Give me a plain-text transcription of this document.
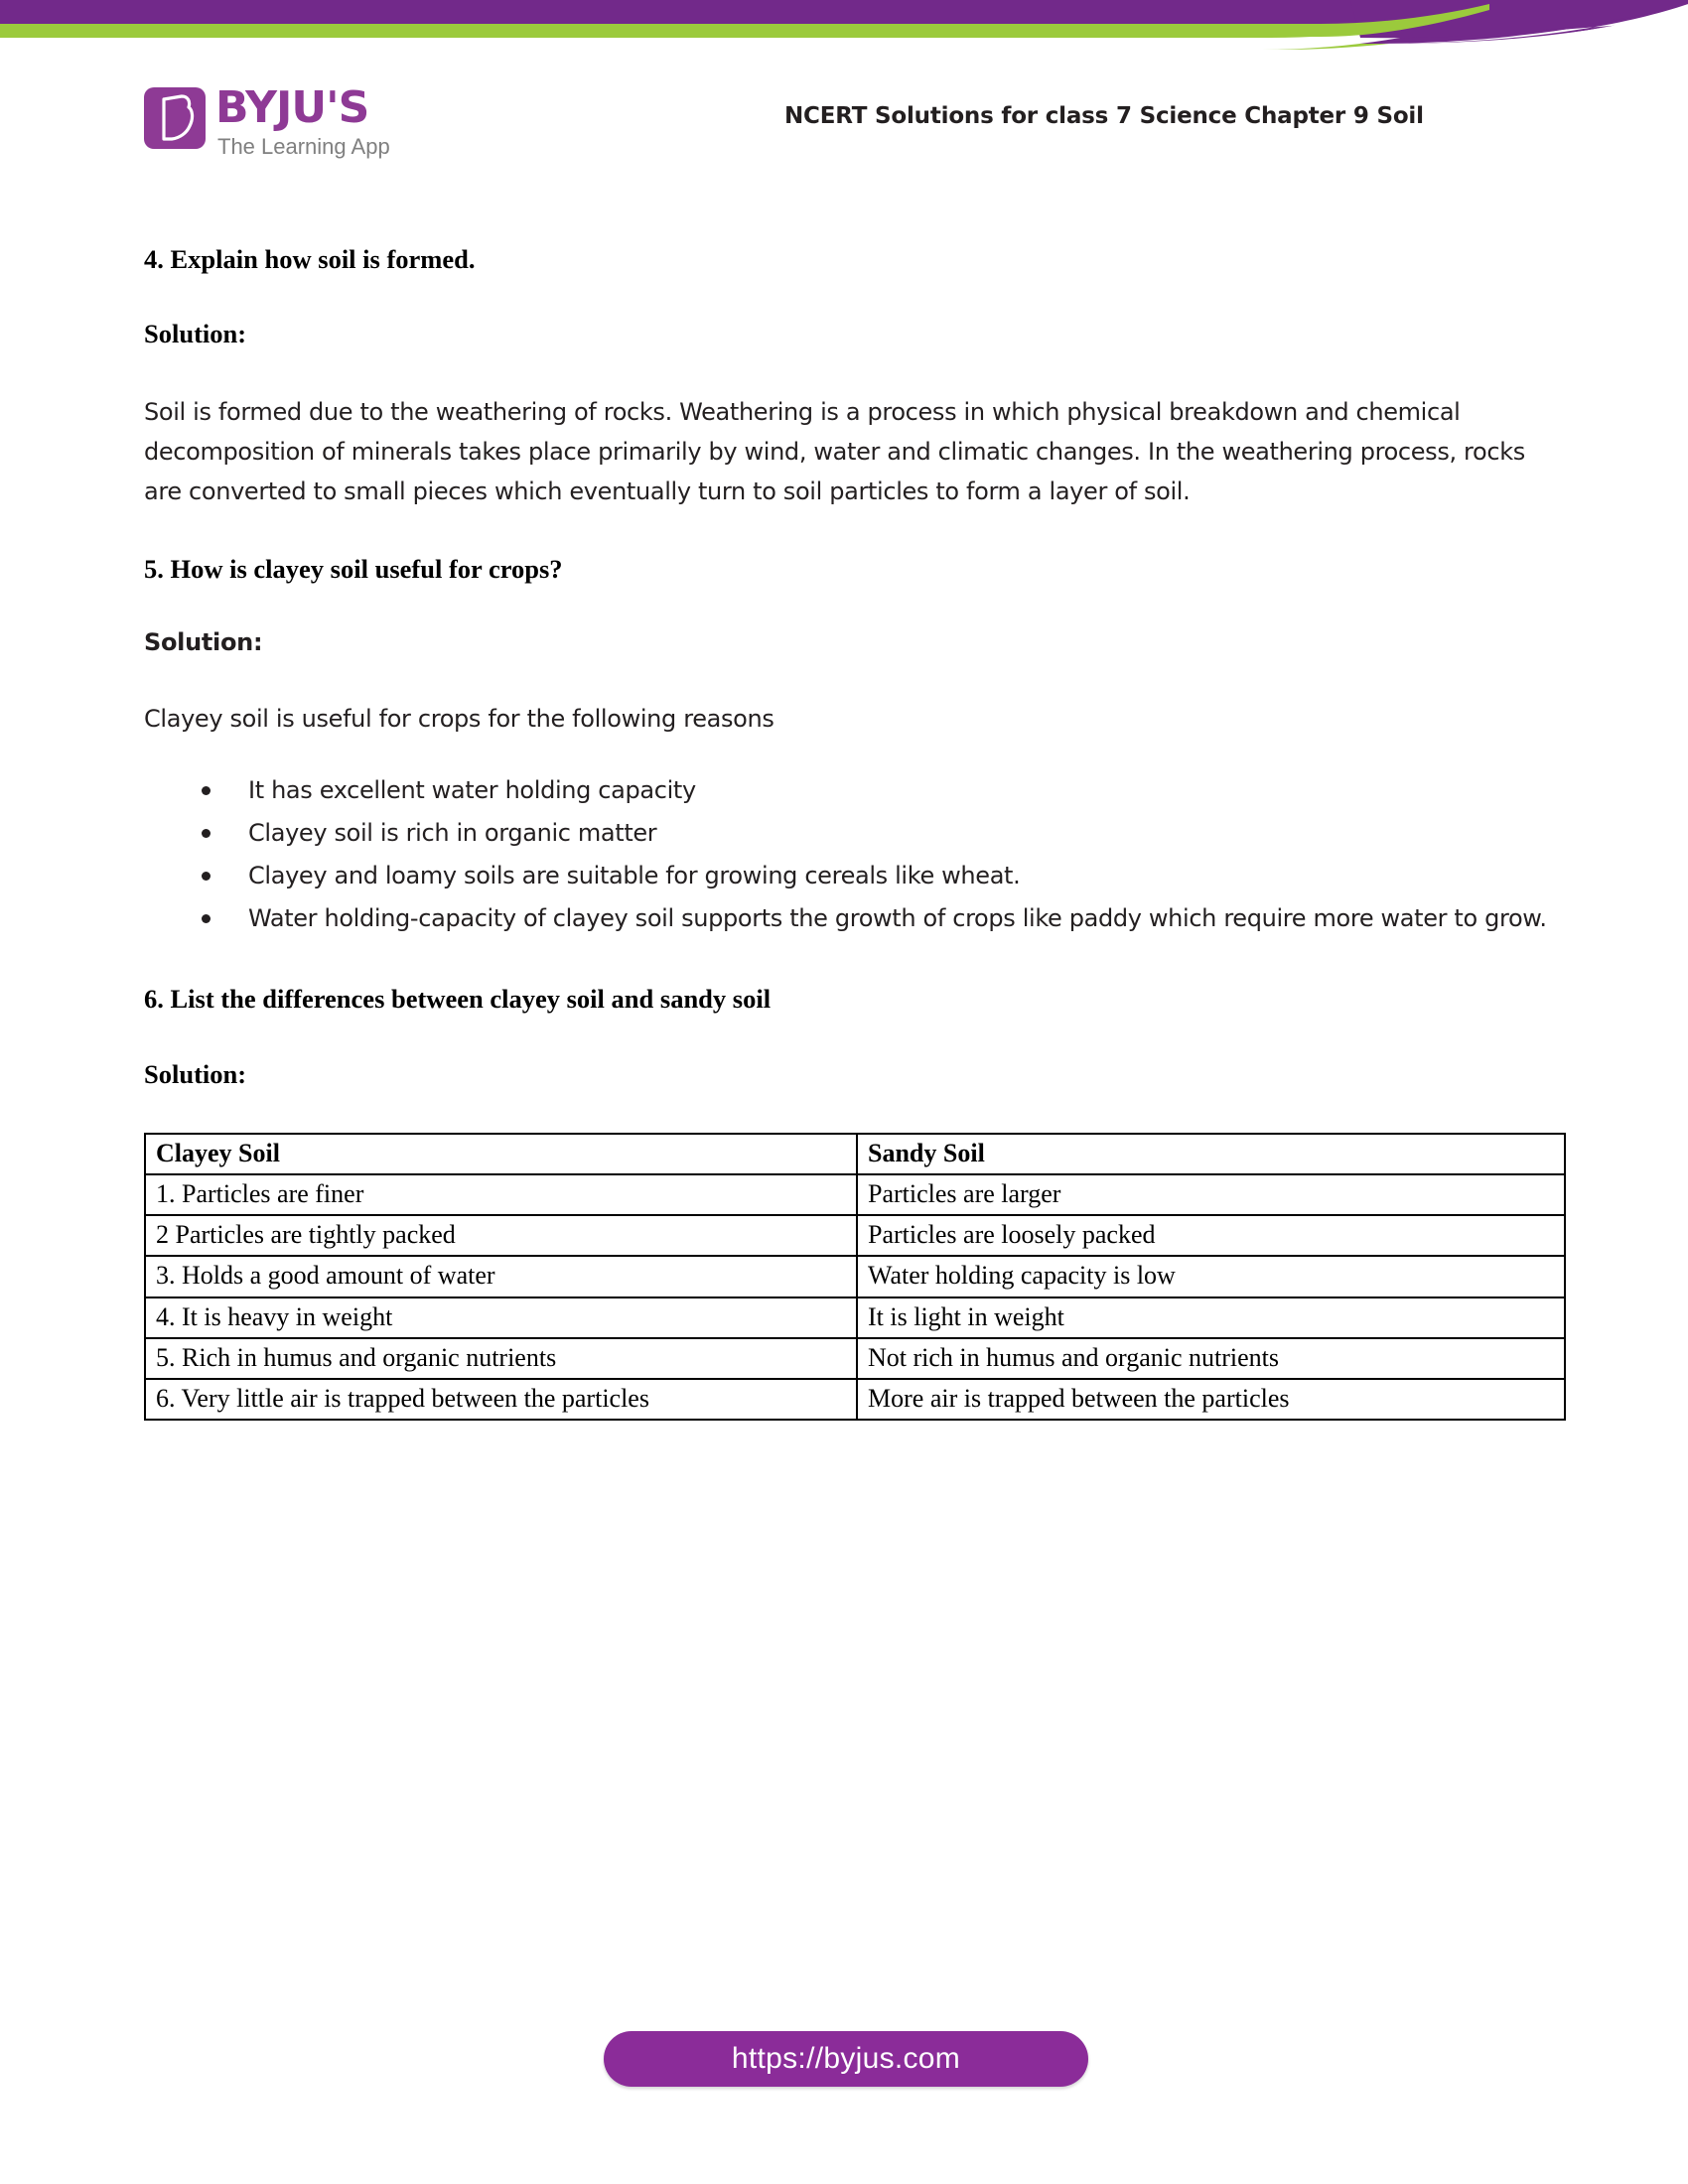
BYJU'S
The Learning App
NCERT Solutions for class 7 Science Chapter 9 Soil
4. Explain how soil is formed.
Solution:
Soil is formed due to the weathering of rocks. Weathering is a process in which physical breakdown and chemical decomposition of minerals takes place primarily by wind, water and climatic changes. In the weathering process, rocks are converted to small pieces which eventually turn to soil particles to form a layer of soil.
5. How is clayey soil useful for crops?
Solution:
Clayey soil is useful for crops for the following reasons
It has excellent water holding capacity
Clayey soil is rich in organic matter
Clayey and loamy soils are suitable for growing cereals like wheat.
Water holding-capacity of clayey soil supports the growth of crops like paddy which require more water to grow.
6. List the differences between clayey soil and sandy soil
Solution:
Clayey Soil	Sandy Soil
1. Particles are finer	Particles are larger
2 Particles are tightly packed	Particles are loosely packed
3. Holds a good amount of water	Water holding capacity is low
4. It is heavy in weight	It is light in weight
5. Rich in humus and organic nutrients	Not rich in humus and organic nutrients
6. Very little air is trapped between the particles	More air is trapped between the particles
https://byjus.com
